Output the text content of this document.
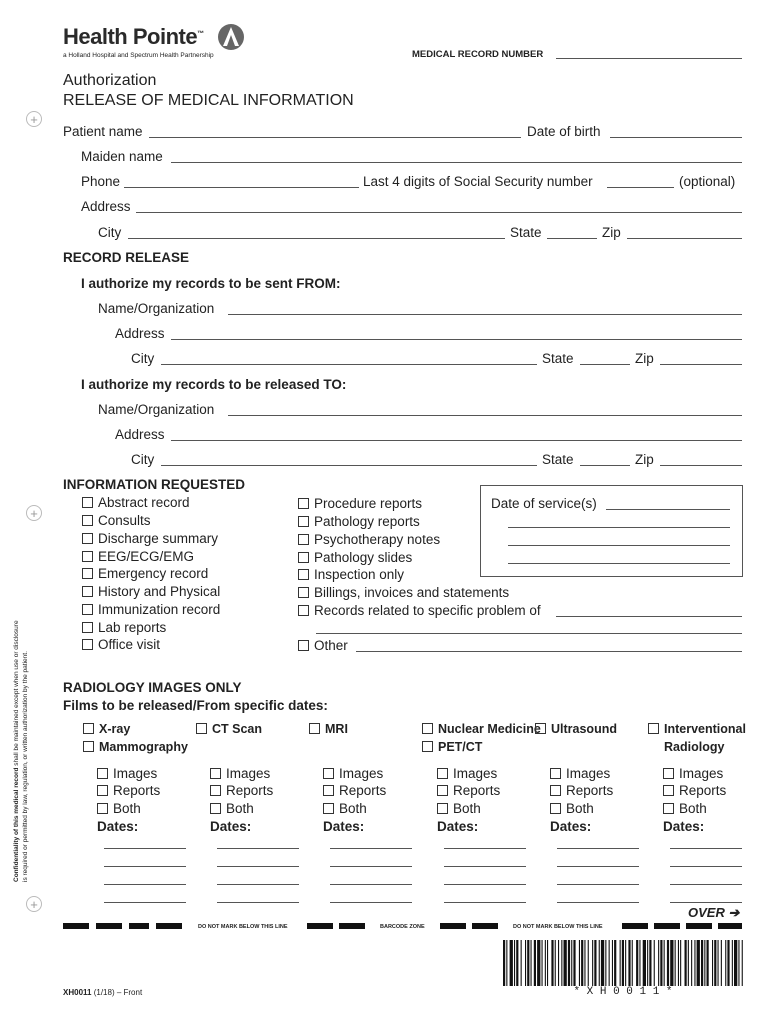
+
+
+
Health Pointe™
a Holland Hospital and Spectrum Health Partnership	MEDICAL RECORD NUMBER
Authorization
RELEASE OF MEDICAL INFORMATION
Patient name	Date of birth
Maiden name
Phone	Last 4 digits of Social Security number	(optional)
Address
City	State	Zip
RECORD RELEASE
I authorize my records to be sent FROM:
Name/Organization
Address
City	State	Zip
I authorize my records to be released TO:
Name/Organization
Address
City	State	Zip
INFORMATION REQUESTED
Abstract record
Consults
Discharge summary
EEG/ECG/EMG
Emergency record
History and Physical
Immunization record
Lab reports
Office visit
Procedure reports
Pathology reports
Psychotherapy notes
Pathology slides
Inspection only
Billings, invoices and statements
Records related to specific problem of
Other
Date of service(s)
RADIOLOGY IMAGES ONLY
Films to be released/From specific dates:
X-ray
Mammography
Images
Reports
Both
Dates:
CT Scan
Images
Reports
Both
Dates:
MRI
Images
Reports
Both
Dates:
Nuclear Medicine
PET/CT
Images
Reports
Both
Dates:
Ultrasound
Images
Reports
Both
Dates:
Interventional
Radiology
Images
Reports
Both
Dates:
Confidentiality of this medical record shall be maintained except when use or disclosure is required or permitted by law, regulation, or written authorization by the patient.
OVER ➔
DO NOT MARK BELOW THIS LINE	BARCODE ZONE	DO NOT MARK BELOW THIS LINE
* X H 0 0 1 1 *
XH0011 (1/18) – Front
